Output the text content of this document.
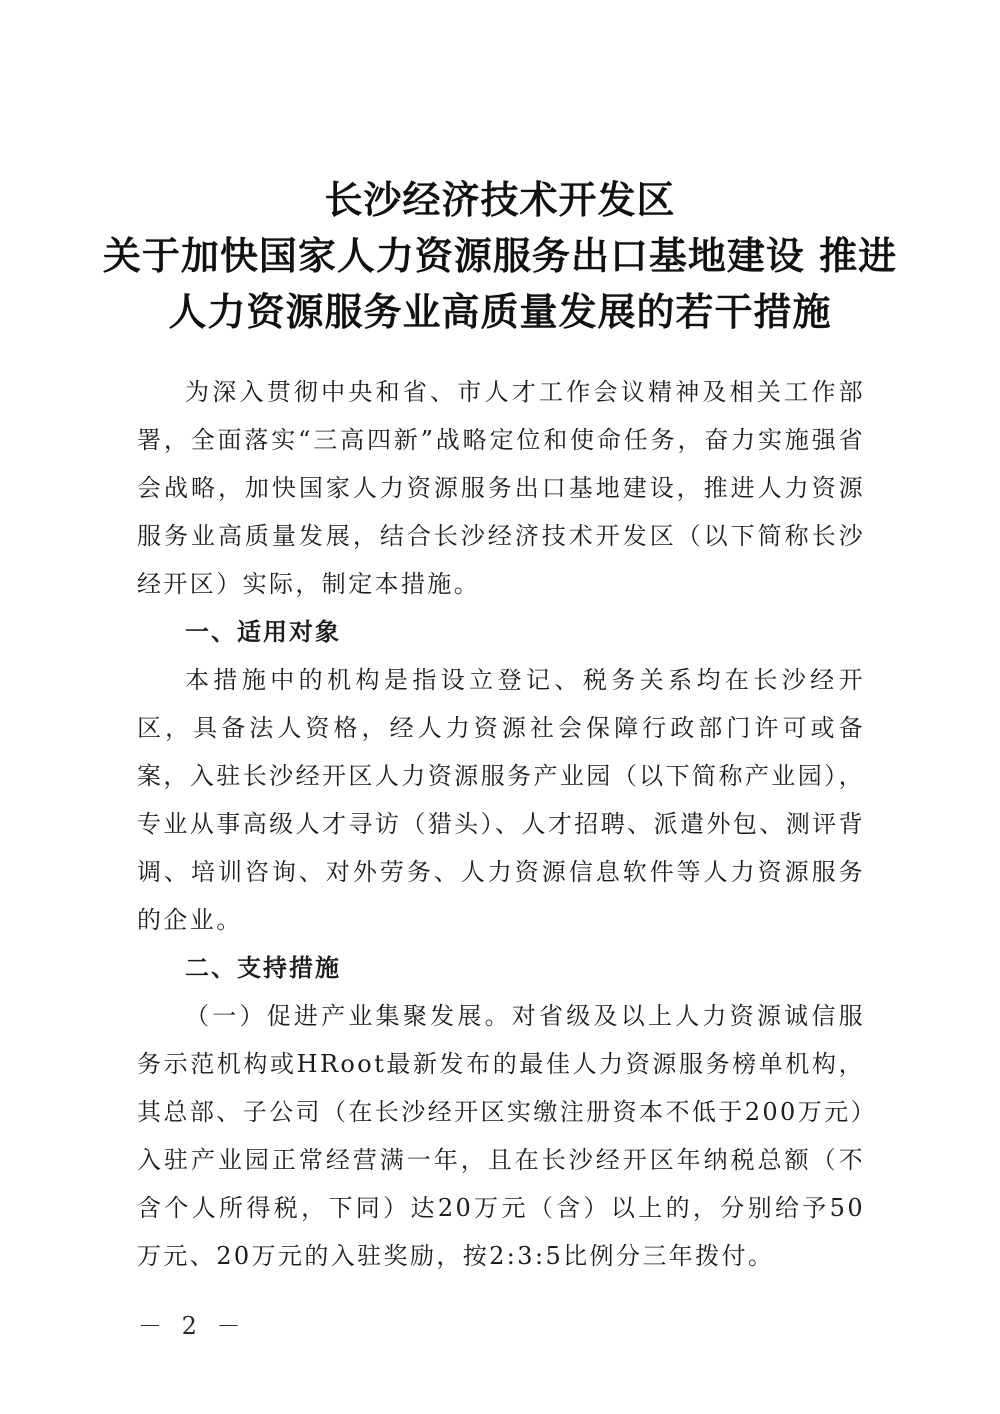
长沙经济技术开发区
关于加快国家人力资源服务出口基地建设 推进
人力资源服务业高质量发展的若干措施

为深入贯彻中央和省、市人才工作会议精神及相关工作部署，全面落实“三高四新”战略定位和使命任务，奋力实施强省会战略，加快国家人力资源服务出口基地建设，推进人力资源服务业高质量发展，结合长沙经济技术开发区（以下简称长沙经开区）实际，制定本措施。

一、适用对象

本措施中的机构是指设立登记、税务关系均在长沙经开区，具备法人资格，经人力资源社会保障行政部门许可或备案，入驻长沙经开区人力资源服务产业园（以下简称产业园），专业从事高级人才寻访（猎头）、人才招聘、派遣外包、测评背调、培训咨询、对外劳务、人力资源信息软件等人力资源服务的企业。

二、支持措施

（一）促进产业集聚发展。对省级及以上人力资源诚信服务示范机构或HRoot最新发布的最佳人力资源服务榜单机构，其总部、子公司（在长沙经开区实缴注册资本不低于200万元）入驻产业园正常经营满一年，且在长沙经开区年纳税总额（不含个人所得税，下同）达20万元（含）以上的，分别给予50万元、20万元的入驻奖励，按2:3:5比例分三年拨付。

－ 2 －
